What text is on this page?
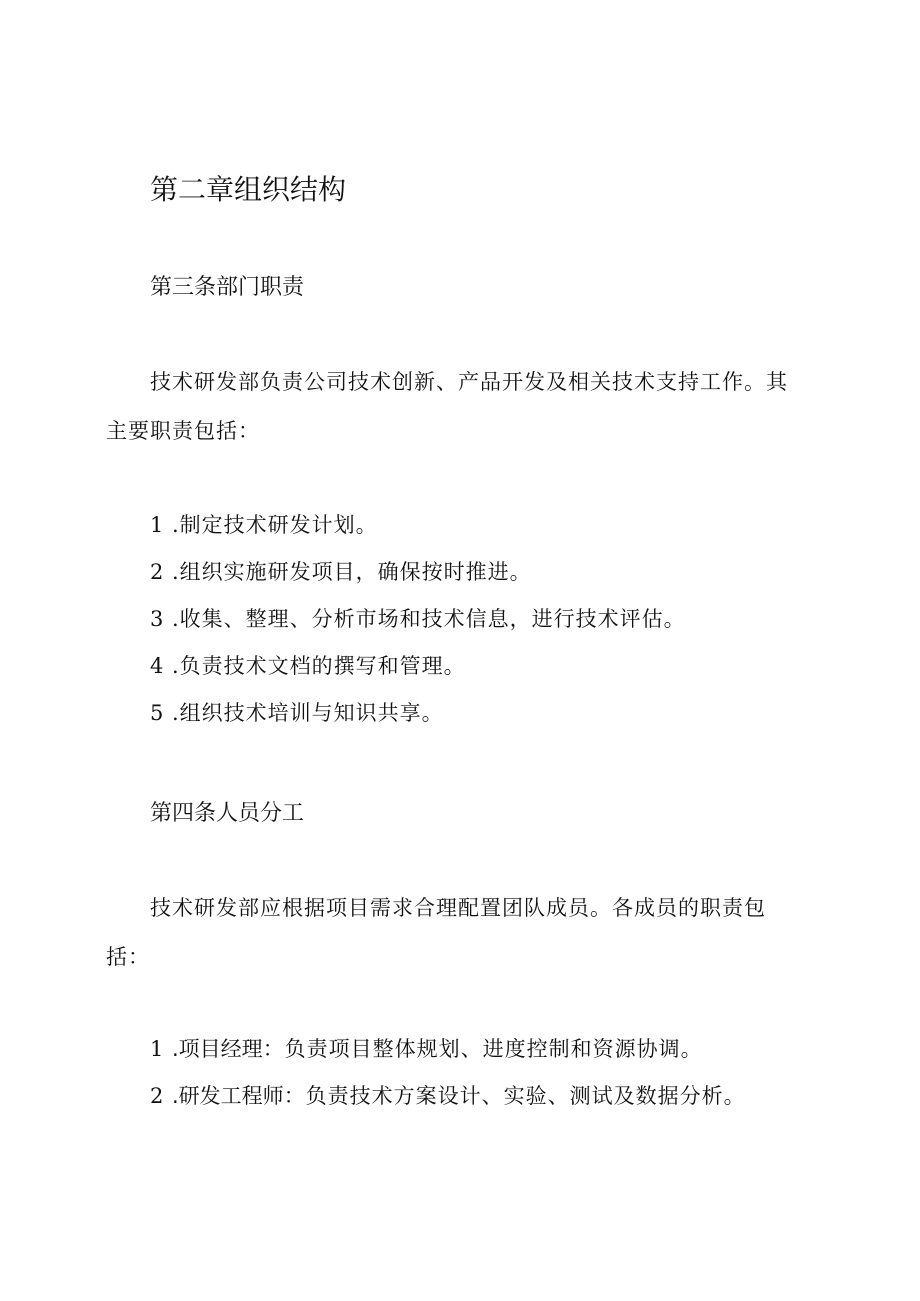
第二章组织结构
第三条部门职责

技术研发部负责公司技术创新、产品开发及相关技术支持工作。其主要职责包括：

1 .制定技术研发计划。
2 .组织实施研发项目，确保按时推进。
3 .收集、整理、分析市场和技术信息，进行技术评估。
4 .负责技术文档的撰写和管理。
5 .组织技术培训与知识共享。
第四条人员分工

技术研发部应根据项目需求合理配置团队成员。各成员的职责包括：

1 .项目经理：负责项目整体规划、进度控制和资源协调。
2 .研发工程师：负责技术方案设计、实验、测试及数据分析。
